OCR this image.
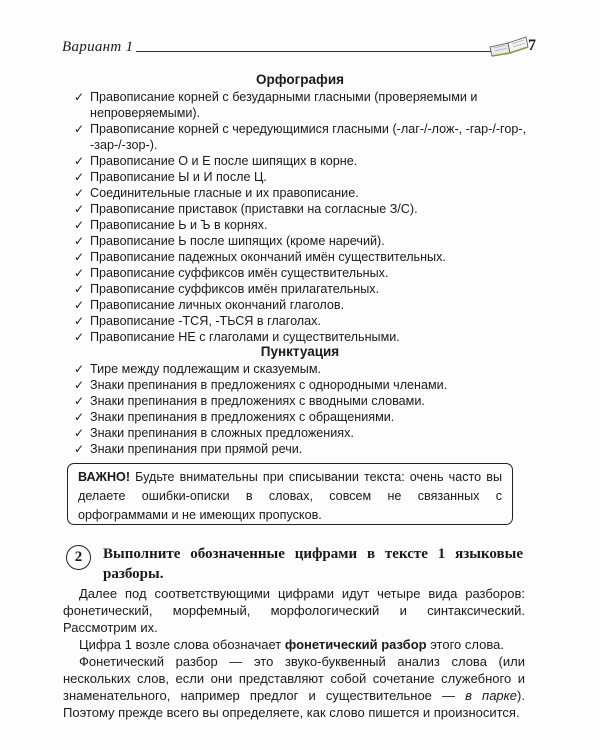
Вариант 1	7
Орфография
✓ Правописание корней с безударными гласными (проверяемыми и непроверяемыми).
✓ Правописание корней с чередующимися гласными (-лаг-/-лож-, -гар-/-гор-, -зар-/-зор-).
✓ Правописание О и Е после шипящих в корне.
✓ Правописание Ы и И после Ц.
✓ Соединительные гласные и их правописание.
✓ Правописание приставок (приставки на согласные З/С).
✓ Правописание Ь и Ъ в корнях.
✓ Правописание Ь после шипящих (кроме наречий).
✓ Правописание падежных окончаний имён существительных.
✓ Правописание суффиксов имён существительных.
✓ Правописание суффиксов имён прилагательных.
✓ Правописание личных окончаний глаголов.
✓ Правописание -ТСЯ, -ТЬСЯ в глаголах.
✓ Правописание НЕ с глаголами и существительными.
Пунктуация
✓ Тире между подлежащим и сказуемым.
✓ Знаки препинания в предложениях с однородными членами.
✓ Знаки препинания в предложениях с вводными словами.
✓ Знаки препинания в предложениях с обращениями.
✓ Знаки препинания в сложных предложениях.
✓ Знаки препинания при прямой речи.
ВАЖНО! Будьте внимательны при списывании текста: очень часто вы делаете ошибки-описки в словах, совсем не связанных с орфограммами и не имеющих пропусков.
2	Выполните обозначенные цифрами в тексте 1 языковые разборы.

Далее под соответствующими цифрами идут четыре вида разборов: фонетический, морфемный, морфологический и синтаксический. Рассмотрим их.

Цифра 1 возле слова обозначает фонетический разбор этого слова.

Фонетический разбор — это звуко-буквенный анализ слова (или нескольких слов, если они представляют собой сочетание служебного и знаменательного, например предлог и существительное — в парке). Поэтому прежде всего вы определяете, как слово пишется и произносится.
